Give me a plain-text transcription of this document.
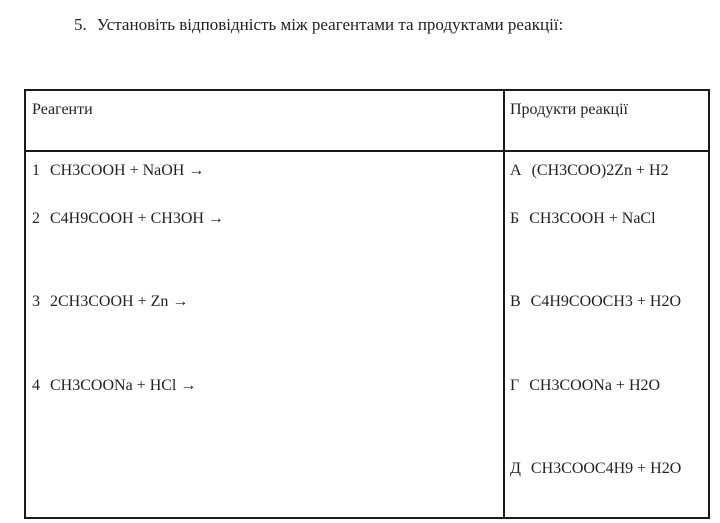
5. Установіть відповідність між реагентами та продуктами реакції:
Реагенти	Продукти реакції
1 CH3COOH + NaOH →
2 C4H9COOH + CH3OH →
3 2CH3COOH + Zn →
4 CH3COONa + HCl →
А (CH3COO)2Zn + H2
Б CH3COOH + NaCl
В C4H9COOCH3 + H2O
Г CH3COONa + H2O
Д CH3COOC4H9 + H2O
